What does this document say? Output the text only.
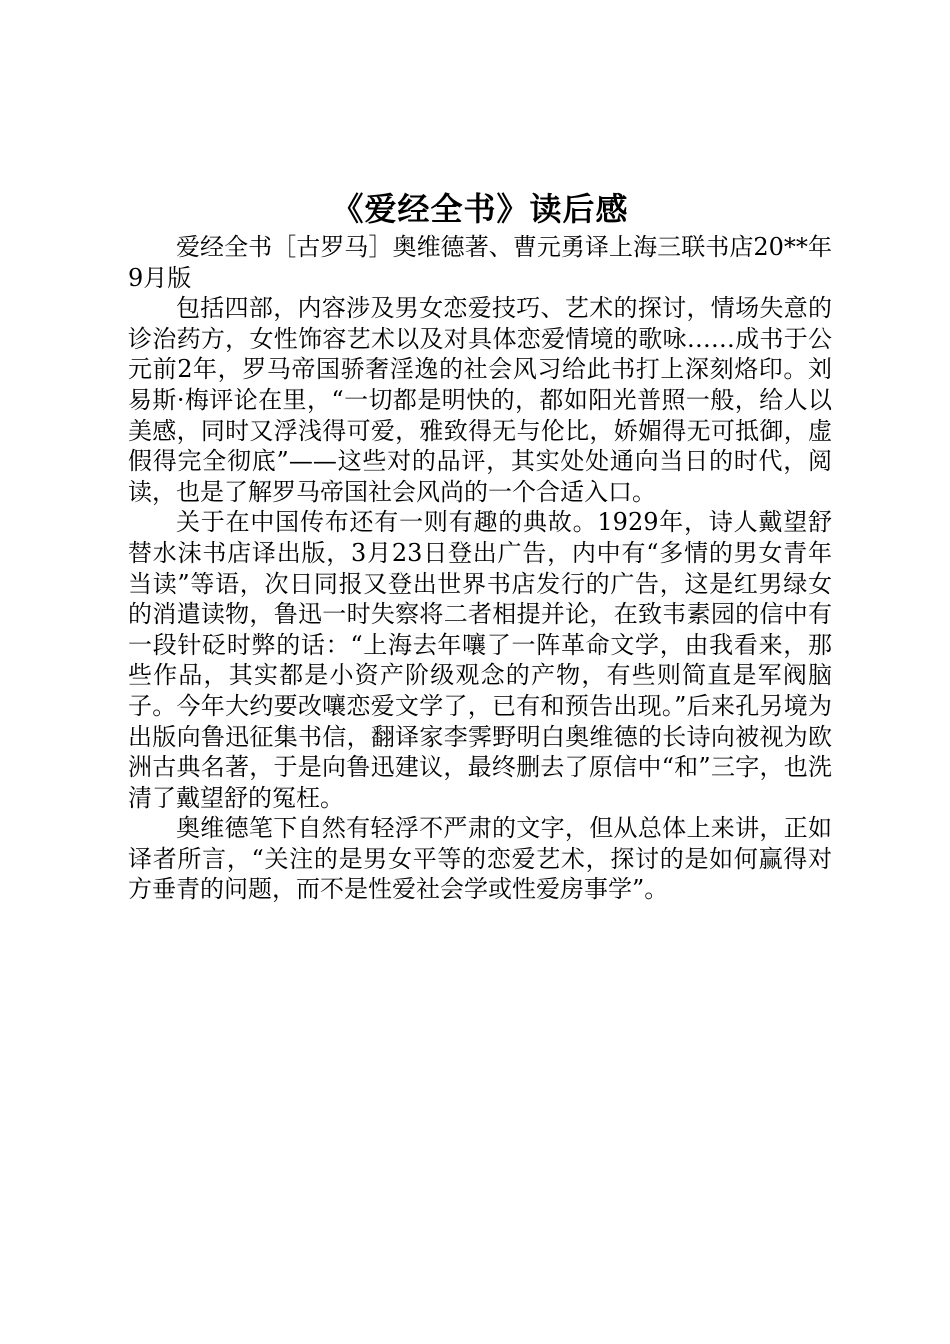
《爱经全书》读后感

爱经全书［古罗马］奥维德著、曹元勇译上海三联书店20**年9月版

包括四部，内容涉及男女恋爱技巧、艺术的探讨，情场失意的诊治药方，女性饰容艺术以及对具体恋爱情境的歌咏……成书于公元前2年，罗马帝国骄奢淫逸的社会风习给此书打上深刻烙印。刘易斯·梅评论在里，“一切都是明快的，都如阳光普照一般，给人以美感，同时又浮浅得可爱，雅致得无与伦比，娇媚得无可抵御，虚假得完全彻底”——这些对的品评，其实处处通向当日的时代，阅读，也是了解罗马帝国社会风尚的一个合适入口。

关于在中国传布还有一则有趣的典故。1929年，诗人戴望舒替水沫书店译出版，3月23日登出广告，内中有“多情的男女青年当读”等语，次日同报又登出世界书店发行的广告，这是红男绿女的消遣读物，鲁迅一时失察将二者相提并论，在致韦素园的信中有一段针砭时弊的话：“上海去年嚷了一阵革命文学，由我看来，那些作品，其实都是小资产阶级观念的产物，有些则简直是军阀脑子。今年大约要改嚷恋爱文学了，已有和预告出现。”后来孔另境为出版向鲁迅征集书信，翻译家李霁野明白奥维德的长诗向被视为欧洲古典名著，于是向鲁迅建议，最终删去了原信中“和”三字，也洗清了戴望舒的冤枉。

奥维德笔下自然有轻浮不严肃的文字，但从总体上来讲，正如译者所言，“关注的是男女平等的恋爱艺术，探讨的是如何赢得对方垂青的问题，而不是性爱社会学或性爱房事学”。
